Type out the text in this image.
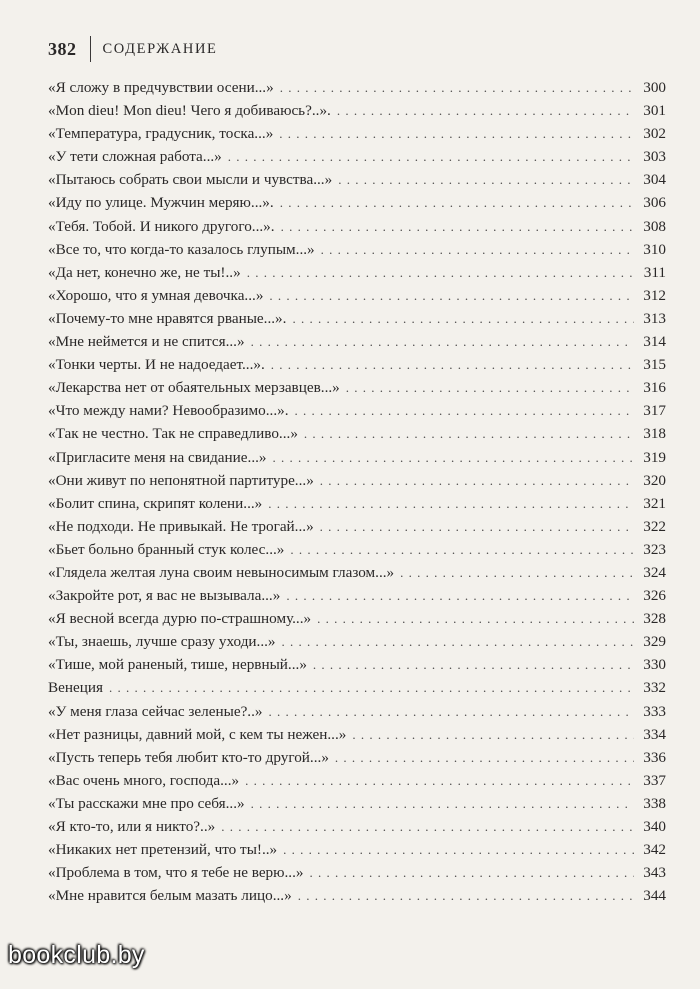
382 СОДЕРЖАНИЕ
«Я сложу в предчувствии осени...» . . .	300
«Mon dieu! Mon dieu! Чего я добиваюсь?..». . . .	301
«Температура, градусник, тоска...» . . .	302
«У тети сложная работа...» . . .	303
«Пытаюсь собрать свои мысли и чувства...» . . .	304
«Иду по улице. Мужчин меряю...». . . .	306
«Тебя. Тобой. И никого другого...». . . .	308
«Все то, что когда-то казалось глупым...» . . .	310
«Да нет, конечно же, не ты!..» . . .	311
«Хорошо, что я умная девочка...» . . .	312
«Почему-то мне нравятся рваные...». . . .	313
«Мне неймется и не спится...» . . .	314
«Тонки черты. И не надоедает...». . . .	315
«Лекарства нет от обаятельных мерзавцев...» . . .	316
«Что между нами? Невообразимо...». . . .	317
«Так не честно. Так не справедливо...» . . .	318
«Пригласите меня на свидание...» . . .	319
«Они живут по непонятной партитуре...» . . .	320
«Болит спина, скрипят колени...» . . .	321
«Не подходи. Не привыкай. Не трогай...» . . .	322
«Бьет больно бранный стук колес...» . . .	323
«Глядела желтая луна своим невыносимым глазом...» . . .	324
«Закройте рот, я вас не вызывала...» . . .	326
«Я весной всегда дурю по-страшному...» . . .	328
«Ты, знаешь, лучше сразу уходи...» . . .	329
«Тише, мой раненый, тише, нервный...» . . .	330
Венеция . . .	332
«У меня глаза сейчас зеленые?..» . . .	333
«Нет разницы, давний мой, с кем ты нежен...» . . .	334
«Пусть теперь тебя любит кто-то другой...» . . .	336
«Вас очень много, господа...» . . .	337
«Ты расскажи мне про себя...» . . .	338
«Я кто-то, или я никто?..» . . .	340
«Никаких нет претензий, что ты!..» . . .	342
«Проблема в том, что я тебе не верю...» . . .	343
«Мне нравится белым мазать лицо...» . . .	344
bookclub.by
